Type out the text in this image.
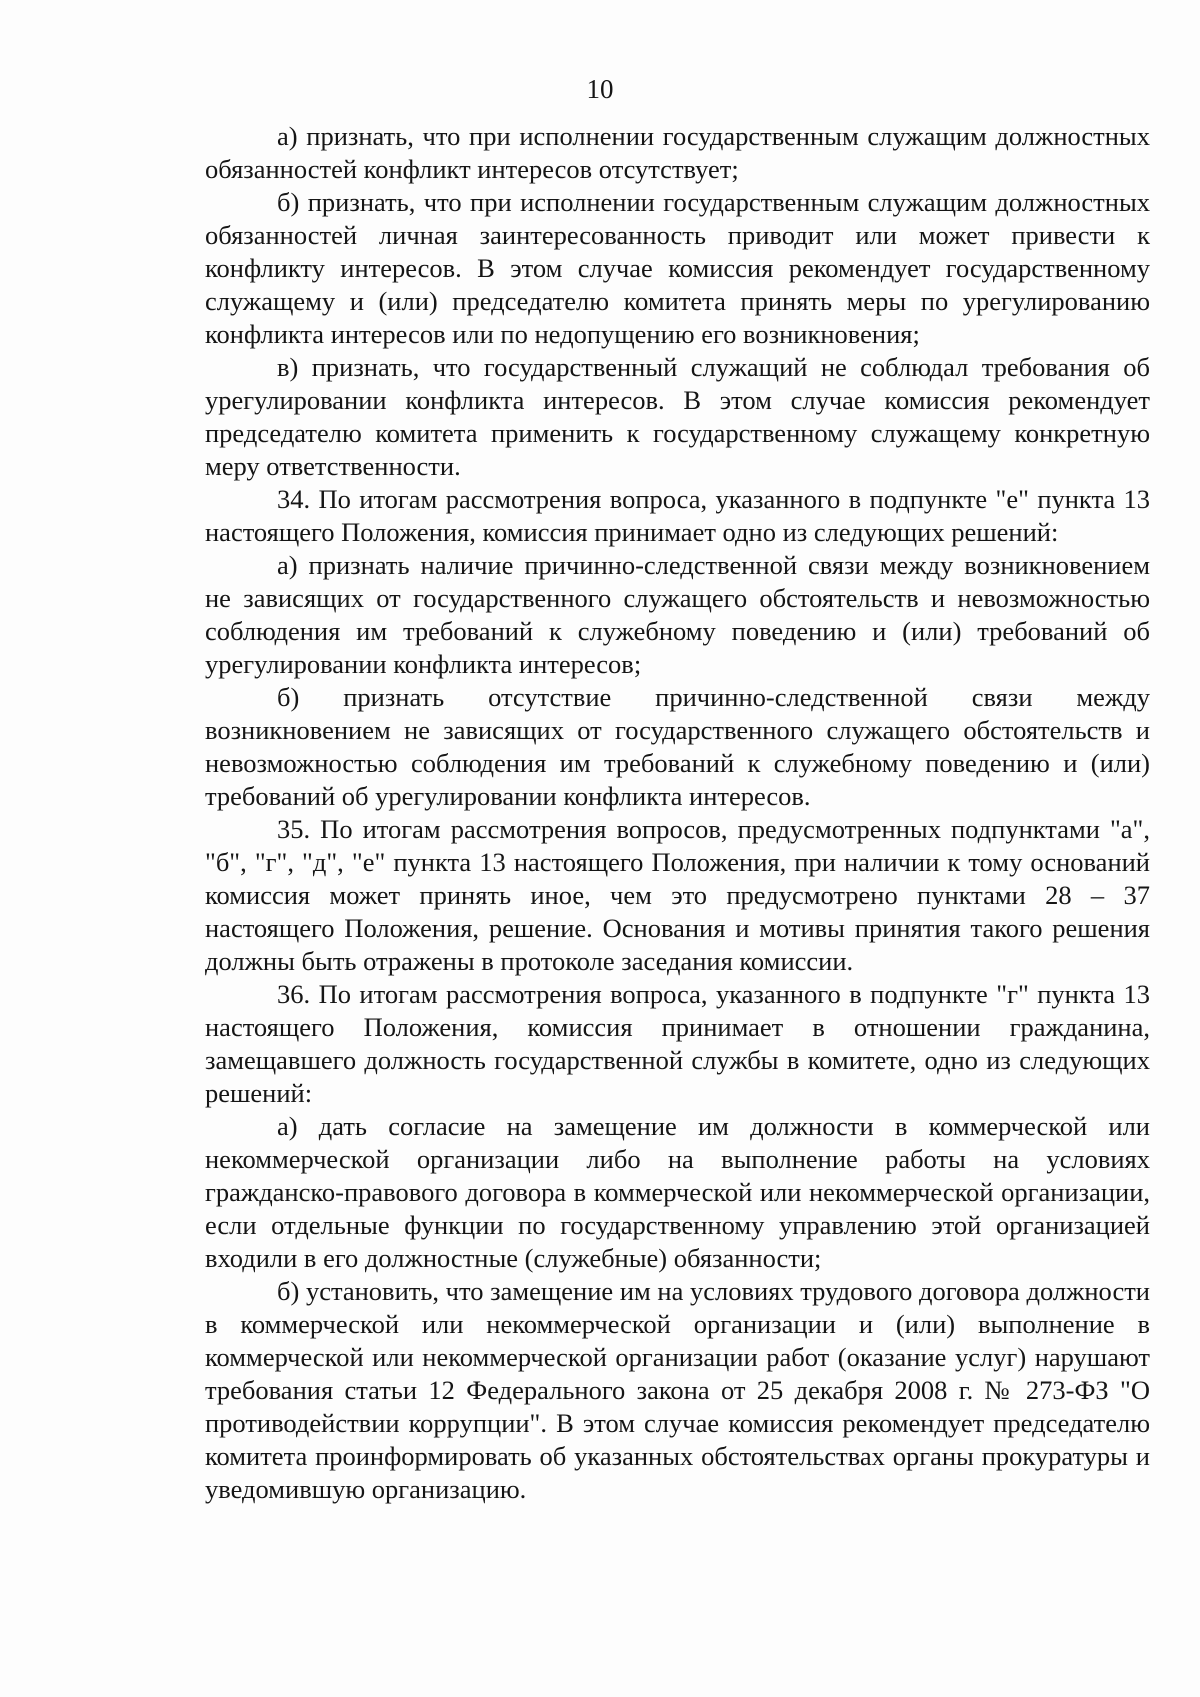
10

а) признать, что при исполнении государственным служащим должностных обязанностей конфликт интересов отсутствует;

б) признать, что при исполнении государственным служащим должностных обязанностей личная заинтересованность приводит или может привести к конфликту интересов. В этом случае комиссия рекомендует государственному служащему и (или) председателю комитета принять меры по урегулированию конфликта интересов или по недопущению его возникновения;

в) признать, что государственный служащий не соблюдал требования об урегулировании конфликта интересов. В этом случае комиссия рекомендует председателю комитета применить к государственному служащему конкретную меру ответственности.

34. По итогам рассмотрения вопроса, указанного в подпункте "е" пункта 13 настоящего Положения, комиссия принимает одно из следующих решений:

а) признать наличие причинно-следственной связи между возникновением не зависящих от государственного служащего обстоятельств и невозможностью соблюдения им требований к служебному поведению и (или) требований об урегулировании конфликта интересов;

б) признать отсутствие причинно-следственной связи между возникновением не зависящих от государственного служащего обстоятельств и невозможностью соблюдения им требований к служебному поведению и (или) требований об урегулировании конфликта интересов.

35. По итогам рассмотрения вопросов, предусмотренных подпунктами "а", "б", "г", "д", "е" пункта 13 настоящего Положения, при наличии к тому оснований комиссия может принять иное, чем это предусмотрено пунктами 28 – 37 настоящего Положения, решение. Основания и мотивы принятия такого решения должны быть отражены в протоколе заседания комиссии.

36. По итогам рассмотрения вопроса, указанного в подпункте "г" пункта 13 настоящего Положения, комиссия принимает в отношении гражданина, замещавшего должность государственной службы в комитете, одно из следующих решений:

а) дать согласие на замещение им должности в коммерческой или некоммерческой организации либо на выполнение работы на условиях гражданско-правового договора в коммерческой или некоммерческой организации, если отдельные функции по государственному управлению этой организацией входили в его должностные (служебные) обязанности;

б) установить, что замещение им на условиях трудового договора должности в коммерческой или некоммерческой организации и (или) выполнение в коммерческой или некоммерческой организации работ (оказание услуг) нарушают требования статьи 12 Федерального закона от 25 декабря 2008 г. № 273-ФЗ "О противодействии коррупции". В этом случае комиссия рекомендует председателю комитета проинформировать об указанных обстоятельствах органы прокуратуры и уведомившую организацию.
